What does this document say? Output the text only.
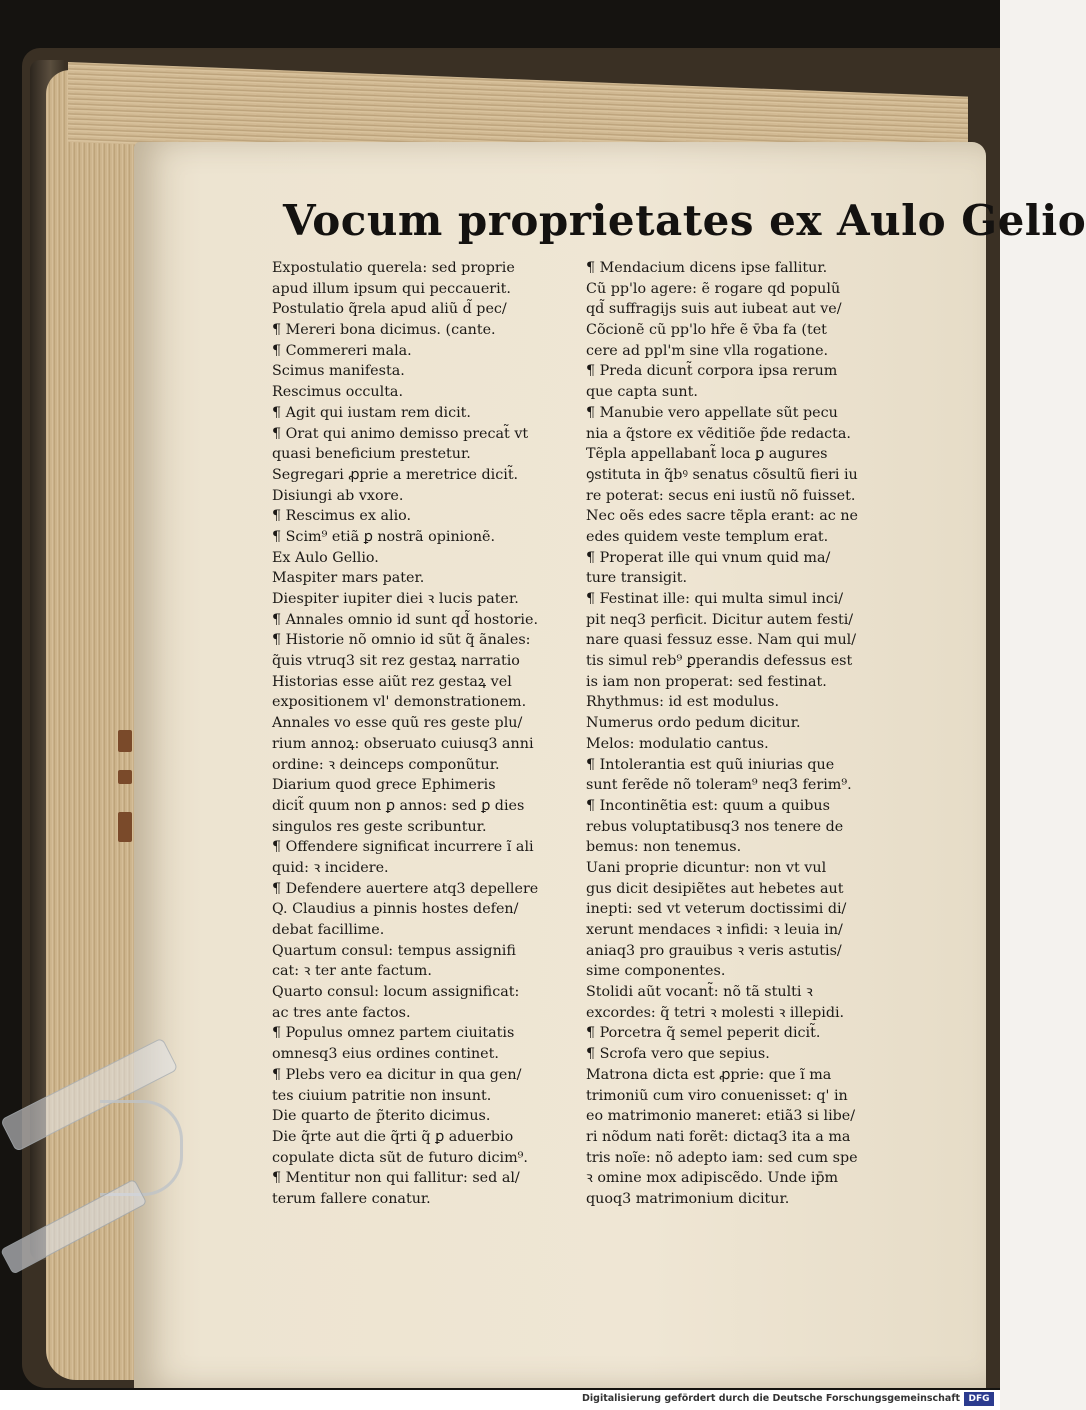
Vocum proprietates ex Aulo Gelio
Expostulatio querela: sed proprie
apud illum ipsum qui peccauerit.
Postulatio q̃rela apud aliũ d̃ pec/
¶ Mereri bona dicimus. (cante.
¶ Commereri mala.
Scimus manifesta.
Rescimus occulta.
¶ Agit qui iustam rem dicit.
¶ Orat qui animo demisso precat̃ vt
quasi beneficium prestetur.
Segregari ꝓprie a meretrice dicit̃.
Disiungi ab vxore.
¶ Rescimus ex alio.
¶ Scim⁹ etiã ꝑ nostrã opinionẽ.
Ex Aulo Gellio.
Maspiter mars pater.
Diespiter iupiter diei ꝛ lucis pater.
¶ Annales omnio id sunt qd̃ hostorie.
¶ Historie nõ omnio id sũt q̃ ãnales:
q̃uis vtruq3 sit rez gestaꝝ narratio
Historias esse aiũt rez gestaꝝ vel
expositionem vl' demonstrationem.
Annales vo esse quũ res geste plu/
rium annoꝝ: obseruato cuiusq3 anni
ordine: ꝛ deinceps componũtur.
Diarium quod grece Ephimeris
dicit̃ quum non ꝑ annos: sed ꝑ dies
singulos res geste scribuntur.
¶ Offendere significat incurrere ĩ ali
quid: ꝛ incidere.
¶ Defendere auertere atq3 depellere
Q. Claudius a pinnis hostes defen/
debat facillime.
Quartum consul: tempus assignifi
cat: ꝛ ter ante factum.
Quarto consul: locum assignificat:
ac tres ante factos.
¶ Populus omnez partem ciuitatis
omnesq3 eius ordines continet.
¶ Plebs vero ea dicitur in qua gen/
tes ciuium patritie non insunt.
Die quarto de p̃terito dicimus.
Die q̃rte aut die q̃rti q̃ ꝑ aduerbio
copulate dicta sũt de futuro dicim⁹.
¶ Mentitur non qui fallitur: sed al/
terum fallere conatur.
¶ Mendacium dicens ipse fallitur.
Cũ pp'lo agere: ẽ rogare qd populũ
qd̃ suffragijs suis aut iubeat aut ve/
Cõcionẽ cũ pp'lo hr̃e ẽ v̄ba fa (tet
cere ad ppl'm sine vlla rogatione.
¶ Preda dicunt̃ corpora ipsa rerum
que capta sunt.
¶ Manubie vero appellate sũt pecu
nia a q̃store ex vẽditiõe p̃de redacta.
Tẽpla appellabant̃ loca ꝑ augures
ꝯstituta in q̃bꝰ senatus cõsultũ fieri iu
re poterat: secus eni iustũ nõ fuisset.
Nec oẽs edes sacre tẽpla erant: ac ne
edes quidem veste templum erat.
¶ Properat ille qui vnum quid ma/
ture transigit.
¶ Festinat ille: qui multa simul inci/
pit neq3 perficit. Dicitur autem festi/
nare quasi fessuz esse. Nam qui mul/
tis simul reb⁹ ꝑperandis defessus est
is iam non properat: sed festinat.
Rhythmus: id est modulus.
Numerus ordo pedum dicitur.
Melos: modulatio cantus.
¶ Intolerantia est quũ iniurias que
sunt ferẽde nõ toleram⁹ neq3 ferim⁹.
¶ Incontinẽtia est: quum a quibus
rebus voluptatibusq3 nos tenere de
bemus: non tenemus.
Uani proprie dicuntur: non vt vul
gus dicit desipiẽtes aut hebetes aut
inepti: sed vt veterum doctissimi di/
xerunt mendaces ꝛ infidi: ꝛ leuia in/
aniaq3 pro grauibus ꝛ veris astutis/
sime componentes.
Stolidi aũt vocant̃: nõ tã stulti ꝛ
excordes: q̃ tetri ꝛ molesti ꝛ illepidi.
¶ Porcetra q̃ semel peperit dicit̃.
¶ Scrofa vero que sepius.
Matrona dicta est ꝓprie: que ĩ ma
trimoniũ cum viro conuenisset: q' in
eo matrimonio maneret: etiã3 si libe/
ri nõdum nati forẽt: dictaq3 ita a ma
tris noĩe: nõ adepto iam: sed cum spe
ꝛ omine mox adipiscẽdo. Unde ip̄m
quoq3 matrimonium dicitur.
Digitalisierung gefördert durch die Deutsche Forschungsgemeinschaft DFG
